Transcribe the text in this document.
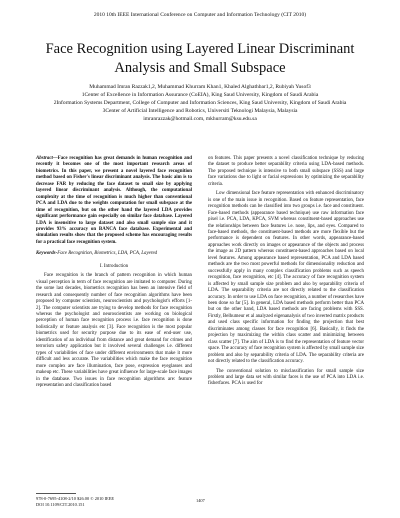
2010 10th IEEE International Conference on Computer and Information Technology (CIT 2010)
Face Recognition using Layered Linear Discriminant Analysis and Small Subspace
Muhammad Imran Razzak1,2, Muhammad Khurram Khan1, Khaled Alghathbar1,2, Rubiyah Yusof3
1Center of Excellence in Information Assurance (CoEIA), King Saud University, Kingdom of Saudi Arabia
2Information Systems Department, College of Computer and Information Sciences, King Saud University, Kingdom of Saudi Arabia
3Center of Artificial Intelligence and Robotics, Universiti Teknologi Malaysia, Malaysia
imranrazzak@hotmail.com, mkhurram@ksu.edu.sa

Abstract—Face recognition has great demands in human recognition and recently it becomes one of the most important research areas of biometrics. In this paper, we present a novel layered face recognition method based on Fisher's linear discriminant analysis. The basic aim is to decrease FAR by reducing the face dataset to small size by applying layered linear discriminant analysis. Although, the computational complexity at the time of recognition is much higher than conventional PCA and LDA due to the weights computation for small subspace at the time of recognition, but on the other hand the layered LDA provides significant performance gain especially on similar face database. Layered LDA is insensitive to large dataset and also small sample size and it provides 93% accuracy on BANCA face database. Experimental and simulation results show that the proposed scheme has encouraging results for a practical face recognition system.

Keywords-Face Recognition, Biometrics, LDA, PCA, Layered

I. Introduction

Face recognition is the branch of pattern recognition in which human visual perception in term of face recognition are imitated to computer. During the some last decades, biometrics recognition has been an intensive field of research and consequently number of face recognition algorithms have been proposed by computer scientists, neuroscientists and psychologist's efforts [1-2]. The computer scientists are trying to develop methods for face recognition whereas the psychologist and neuroscientists are working on biological perception of human face recognition process i.e. face recognition is done holistically or feature analysis etc [3]. Face recognition is the most popular biometrics used for security purpose due to its ease of end-user use, identification of an individual from distance and great demand for crimes and terrorism safety application but it involved several challenges i.e. different types of variabilities of face under different environments that make it more difficult and less accurate. The variabilities which make the face recognition more complex are face illumination, face pose, expression eyeglasses and makeup etc. These variabilities have great influence for large-scale face images in the database. Two issues in face recognition algorithms are: feature representation and classification based

on features. This paper presents a novel classification technique by reducing the dataset to produce better separability criteria using LDA-based methods. The proposed technique is intensive to both small subspace (SSS) and large face variations due to light or facial expressions by optimizing the separability criteria.

Low dimensional face feature representation with enhanced discriminatory is one of the main issue in recognition. Based on feature representation, face recognition methods can be classified into two groups i.e. face and constituent. Face-based methods (appearance based technique) use raw information face pixel i.e. PCA, LDA, KPCA, SVM whereas constituent-based approaches use the relationships between face features i.e. nose, lips, and eyes. Compared to face-based methods, the constituent-based methods are more flexible but the performance is dependent on features. In other words, appearance-based approaches work directly on images or appearance of the objects and process the image as 2D pattern whereas constituent-based approaches based on local level features. Among appearance based representation, PCA and LDA based methods are the two most powerful methods for dimensionality reduction and successfully apply in many complex classification problems such as speech recognition, face recognition, etc [4]. The accuracy of face recognition system is affected by small sample size problem and also by separability criteria of LDA. The separability criteria are not directly related to the classification accuracy. In order to use LDA on face recognition, a number of researches have been done so far [5]. In general, LDA based methods perform better than PCA but on the other hand, LDA based methods are facing problems with SSS. Firstly, Belhumeur et al analyzed eigenanalysis of two inverted matrix products and used class specific information for finding the projection that best discriminates among classes for face recognition [6]. Basically, it finds the projection by maximizing the within class scatter and minimizing between class scatter [7]. The aim of LDA is to find the representation of feature vector space. The accuracy of face recognition system is affected by small sample size problem and also by separability criteria of LDA. The separability criteria are not directly related to the classification accuracy.

The conventional solution to misclassification for small sample size problem and large data set with similar faces is the use of PCA into LDA i.e. fisherfaces. PCA is used for

978-0-7695-4108-2/10 $26.00 © 2010 IEEE
DOI 10.1109/CIT.2010.151
1407
